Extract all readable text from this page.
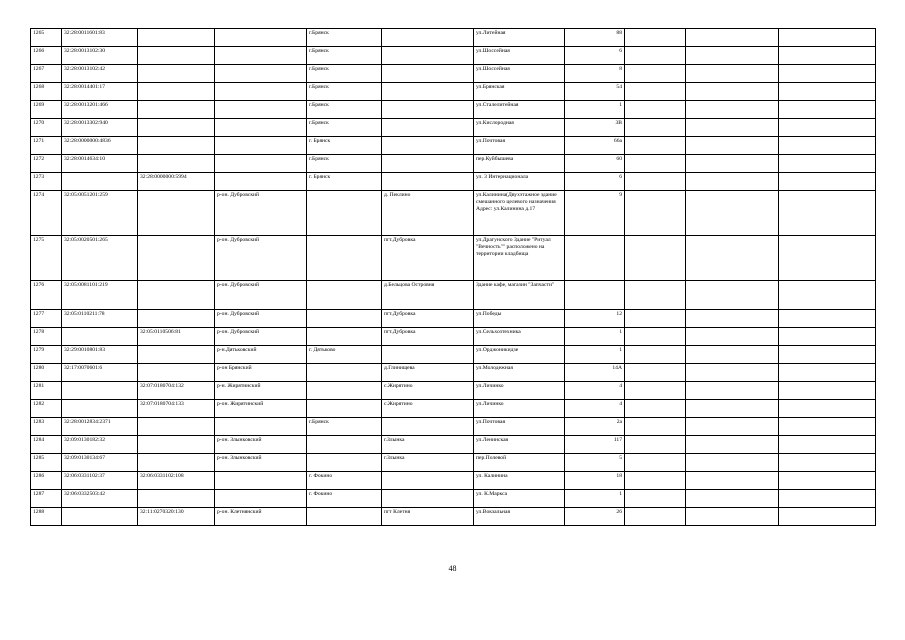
1265	32:28:0011601:83			г.Брянск		ул.Литейная	88			
1266	32:28:0013102:30			г.Брянск		ул.Шоссейная	6			
1267	32:28:0013102:42			г.Брянск		ул.Шоссейная	8			
1268	32:28:0014401:17			г.Брянск		ул.Брянская	54			
1269	32:28:0013201:466			г.Брянск		ул.Сталелитейная	1			
1270	32:28:0013302:940			г.Брянск		ул.Кислородная	3В			
1271	32:28:0000000:4836			г. Брянск		ул.Почтовая	66а			
1272	32:28:0014634:10			г.Брянск		пер.Куйбышева	60			
1273		32:28:0000000:5994		г. Брянск		ул. 3 Интернационала	6			
1274	32:05:0051201:259		р-он. Дубровский		д. Пеклино	ул.Калинина(Двухэтажное здание смешанного целевого назначения Адрес: ул.Калинина д.17	9			
1275	32:05:0020501:265		р-он. Дубровский		пгт.Дубровка	ул.Драгунского Здание "Ритуал "Вечность"" расположено на территории кладбища				
1276	32:05:0081101:219		р-он. Дубровский		д.Бельцова Островня	Здание кафе, магазин "Запчасти"				
1277	32:05:0110211:78		р-он. Дубровский		пгт.Дубровка	ул.Победы	12			
1278		32:05:0110506:81	р-он. Дубровский		пгт.Дубровка	ул.Сельхозтехника	1			
1279	32:29:0010801:83		р-н.Дятьковский	г. Дятьково		ул.Орджоникидзе	1			
1280	32:17:0070601:6		р-он Брянский		д.Глинищева	ул.Молодежная	14А			
1281		32:07:0180704:132	р-н. Жирятинский		с.Жирятино	ул.Личинко	4			
1282		32:07:0180704:133	р-он. Жирятинский		с.Жирятино	ул.Личинко	4			
1283	32:28:0012834:2371			г.Брянск		ул.Почтовая	2а			
1284	32:09:0130182:32		р-он. Злынковский		г.Злынка	ул.Ленинская	117			
1285	32:09:0130134:67		р-он. Злынковский		г.Злынка	пер.Полевой	5			
1286	32:06:0331102:37	32:06:0331102:108		г. Фокино		ул. Калинина	18			
1287	32:06:0332503:42			г. Фокино		ул. К.Маркса	1			
1288		32:11:0270320:130	р-он. Клетнянский		пгт Клетня	ул.Вокзальная	26			
48
